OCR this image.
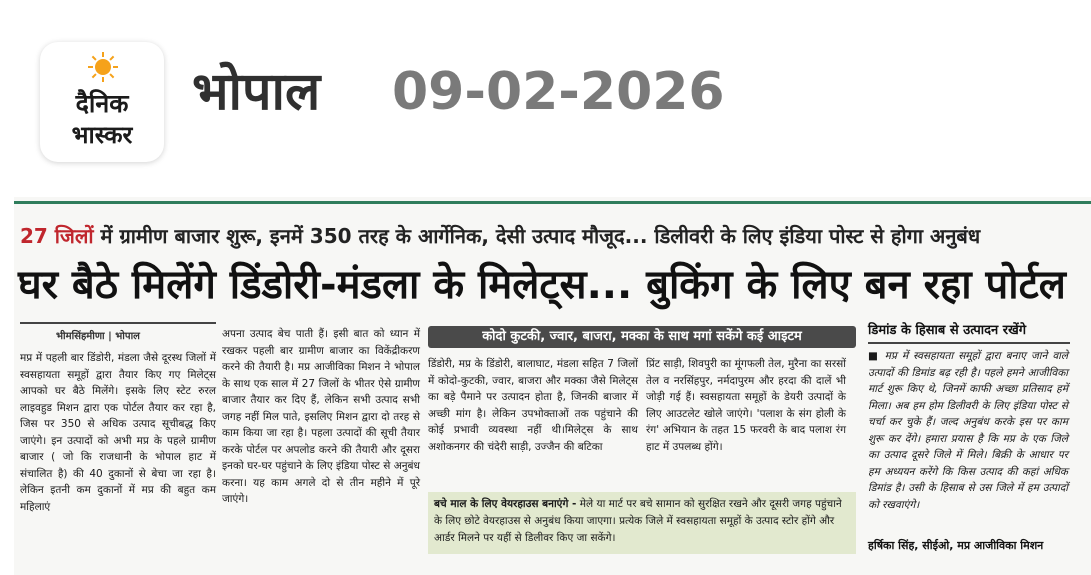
दैनिक
भास्कर
भोपाल 09-02-2026
27 जिलों में ग्रामीण बाजार शुरू, इनमें 350 तरह के आर्गेनिक, देसी उत्पाद मौजूद... डिलीवरी के लिए इंडिया पोस्ट से होगा अनुबंध
घर बैठे मिलेंगे डिंडोरी-मंडला के मिलेट्स... बुकिंग के लिए बन रहा पोर्टल
भीमसिंहमीणा | भोपाल
मप्र में पहली बार डिंडोरी, मंडला जैसे दूरस्थ जिलों में स्वसहायता समूहों द्वारा तैयार किए गए मिलेट्स आपको घर बैठे मिलेंगे। इसके लिए स्टेट रुरल लाइवहुड मिशन द्वारा एक पोर्टल तैयार कर रहा है, जिस पर 350 से अधिक उत्पाद सूचीबद्ध किए जाएंगे। इन उत्पादों को अभी मप्र के पहले ग्रामीण बाजार ( जो कि राजधानी के भोपाल हाट में संचालित है) की 40 दुकानों से बेचा जा रहा है। लेकिन इतनी कम दुकानों में मप्र की बहुत कम महिलाएं
अपना उत्पाद बेच पाती हैं। इसी बात को ध्यान में रखकर पहली बार ग्रामीण बाजार का विकेंद्रीकरण करने की तैयारी है। मप्र आजीविका मिशन ने भोपाल के साथ एक साल में 27 जिलों के भीतर ऐसे ग्रामीण बाजार तैयार कर दिए हैं, लेकिन सभी उत्पाद सभी जगह नहीं मिल पाते, इसलिए मिशन द्वारा दो तरह से काम किया जा रहा है। पहला उत्पादों की सूची तैयार करके पोर्टल पर अपलोड करने की तैयारी और दूसरा इनको घर-घर पहुंचाने के लिए इंडिया पोस्ट से अनुबंध करना। यह काम अगले दो से तीन महीने में पूरे जाएंगे।
कोदो कुटकी, ज्वार, बाजरा, मक्का के साथ मगां सकेंगे कई आइटम
डिंडोरी, मप्र के डिंडोरी, बालाघाट, मंडला सहित 7 जिलों में कोदो-कुटकी, ज्वार, बाजरा और मक्का जैसे मिलेट्स का बड़े पैमाने पर उत्पादन होता है, जिनकी बाजार में अच्छी मांग है। लेकिन उपभोक्ताओं तक पहुंचाने की कोई प्रभावी व्यवस्था नहीं थी।मिलेट्स के साथ अशोकनगर की चंदेरी साड़ी, उज्जैन की बटिका
प्रिंट साड़ी, शिवपुरी का मूंगफली तेल, मुरैना का सरसों तेल व नरसिंहपुर, नर्मदापुरम और हरदा की दालें भी जोड़ी गई हैं। स्वसहायता समूहों के डेयरी उत्पादों के लिए आउटलेट खोले जाएंगे। 'पलाश के संग होली के रंग' अभियान के तहत 15 फरवरी के बाद पलाश रंग हाट में उपलब्ध होंगे।
बचे माल के लिए वेयरहाउस बनाएंगे - मेले या मार्ट पर बचे सामान को सुरक्षित रखने और दूसरी जगह पहुंचाने के लिए छोटे वेयरहाउस से अनुबंध किया जाएगा। प्रत्येक जिले में स्वसहायता समूहों के उत्पाद स्टोर होंगे और आर्डर मिलने पर यहीं से डिलीवर किए जा सकेंगे।
डिमांड के हिसाब से उत्पादन रखेंगे
■ मप्र में स्वसहायता समूहों द्वारा बनाए जाने वाले उत्पादों की डिमांड बढ़ रही है। पहले हमने आजीविका मार्ट शुरू किए थे, जिनमें काफी अच्छा प्रतिसाद हमें मिला। अब हम होम डिलीवरी के लिए इंडिया पोस्ट से चर्चा कर चुके हैं। जल्द अनुबंध करके इस पर काम शुरू कर देंगे। हमारा प्रयास है कि मप्र के एक जिले का उत्पाद दूसरे जिले में मिले। बिक्री के आधार पर हम अध्ययन करेंगे कि किस उत्पाद की कहां अधिक डिमांड है। उसी के हिसाब से उस जिले में हम उत्पादों को रखवाएंगे।
हर्षिका सिंह, सीईओ, मप्र आजीविका मिशन
